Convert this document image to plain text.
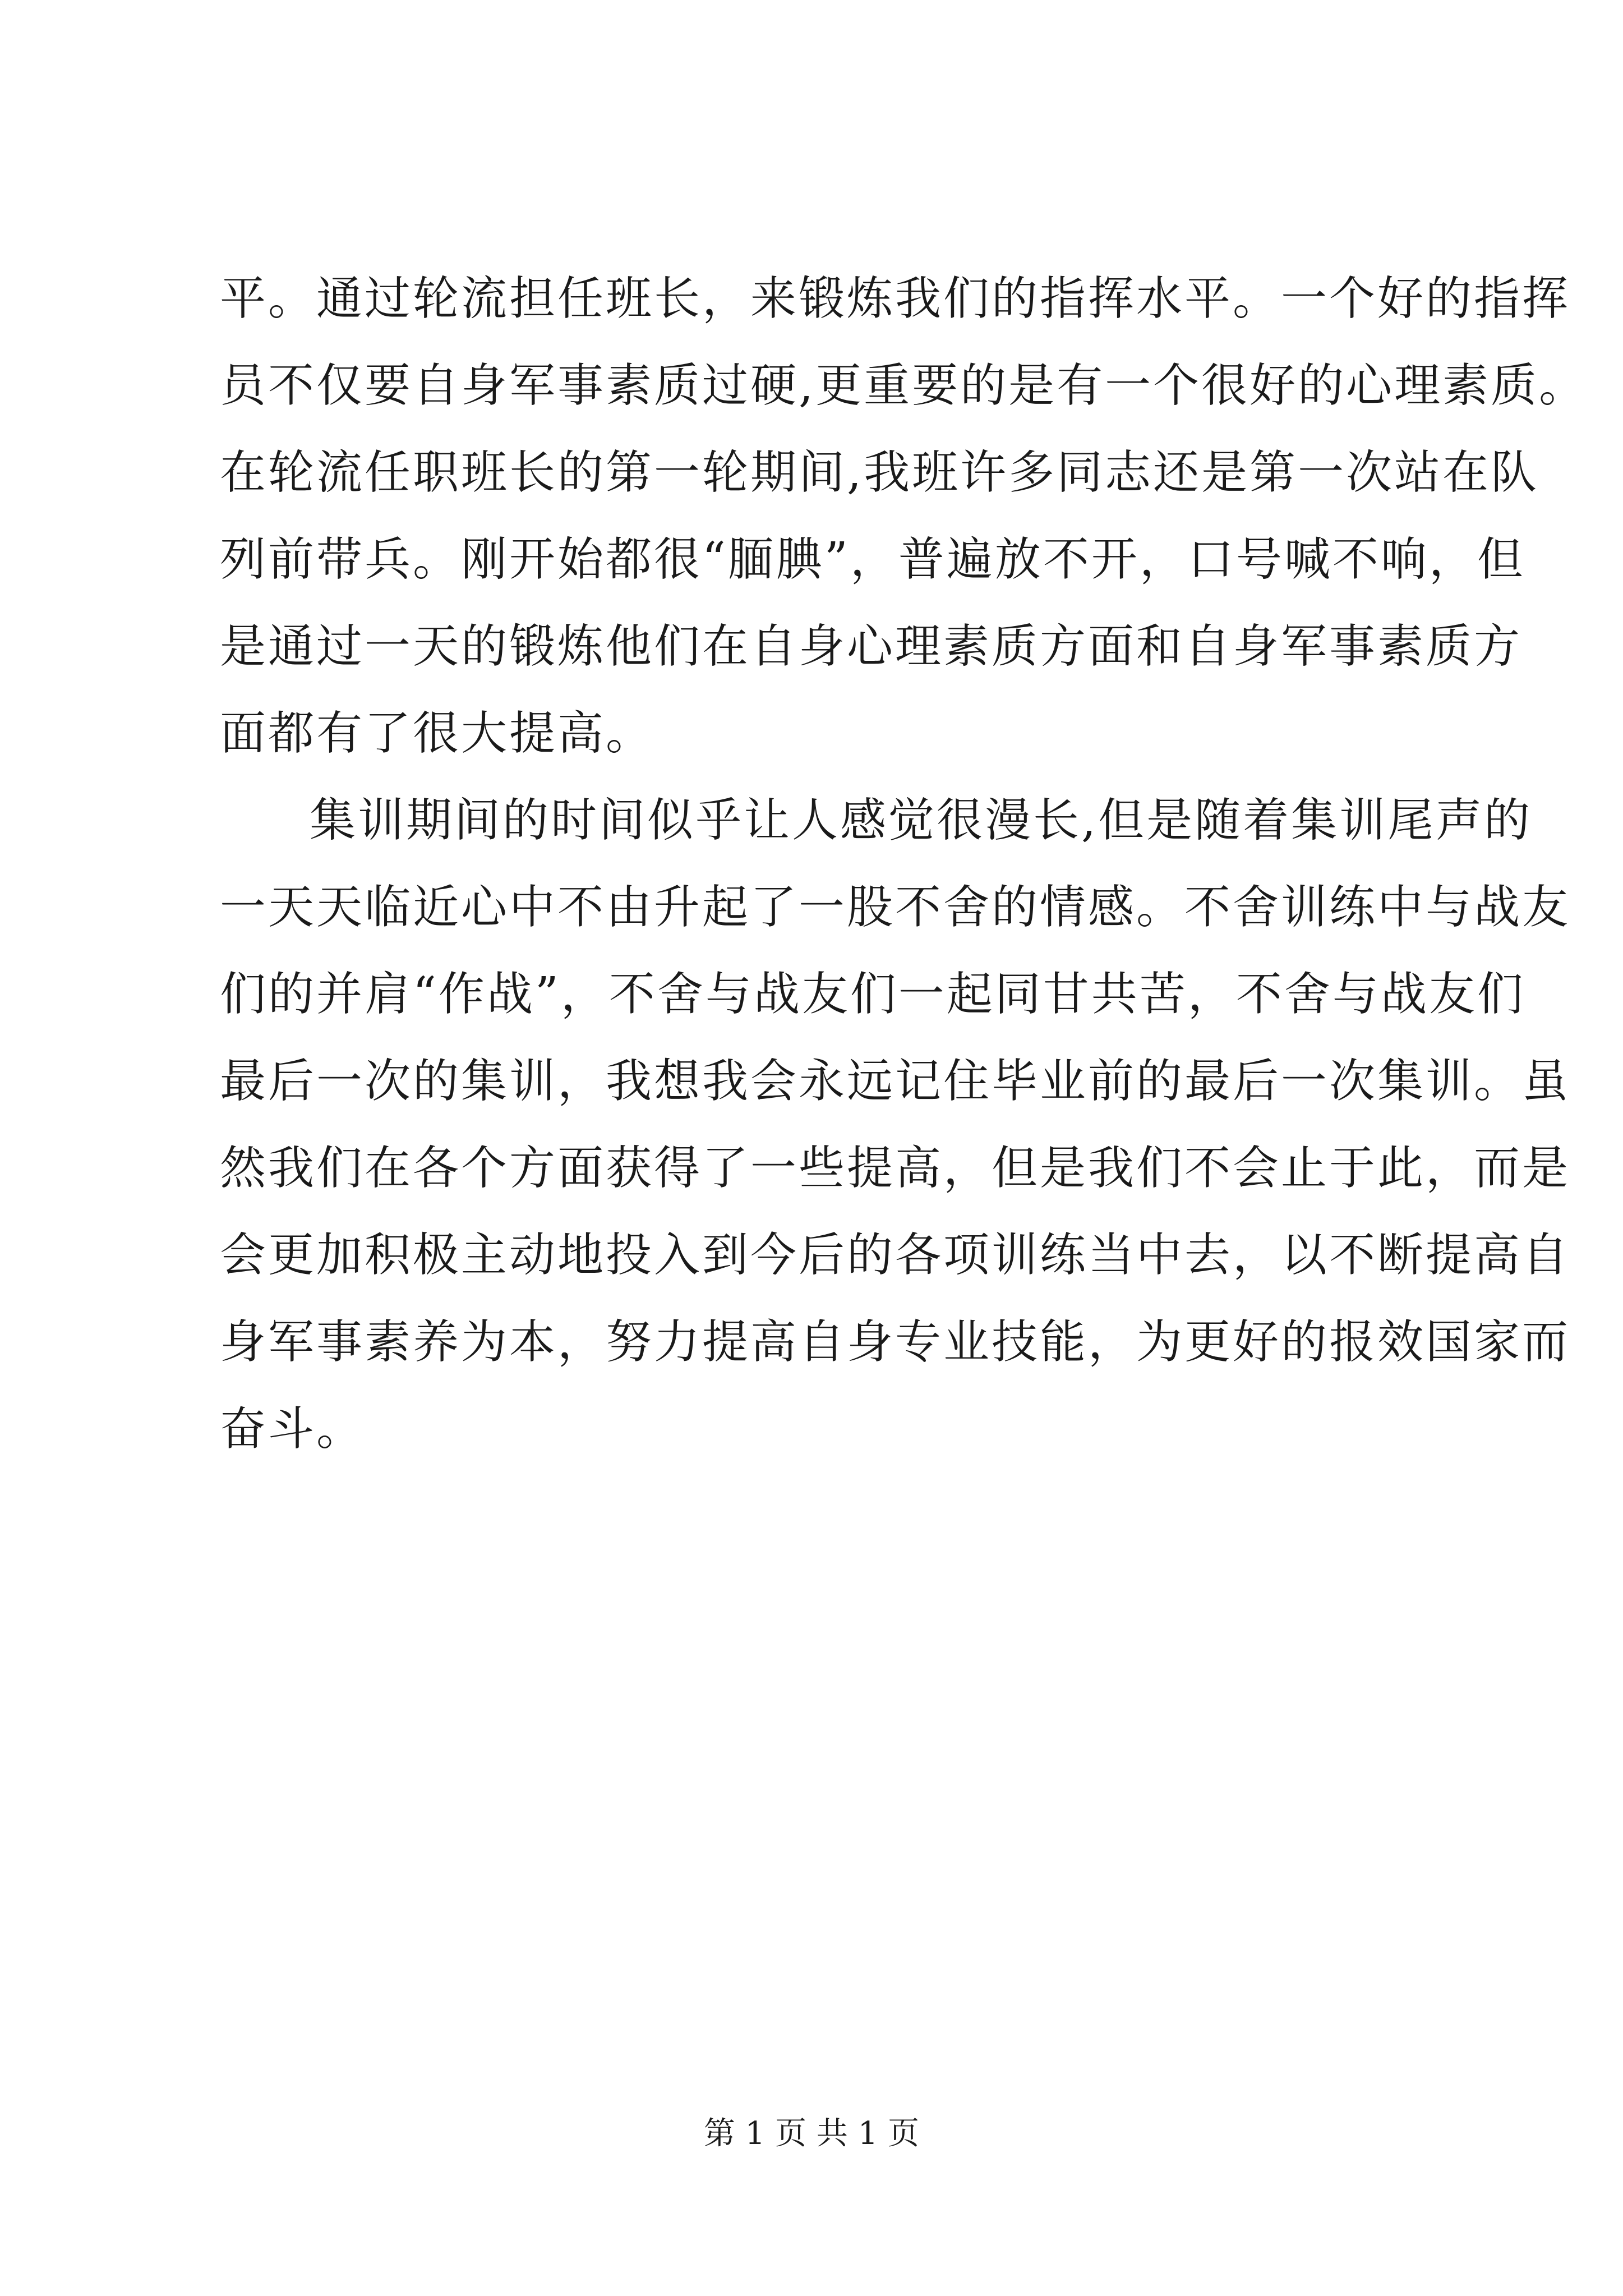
平。通过轮流担任班长，来锻炼我们的指挥水平。一个好的指挥
员不仅要自身军事素质过硬,更重要的是有一个很好的心理素质。
在轮流任职班长的第一轮期间,我班许多同志还是第一次站在队
列前带兵。刚开始都很“腼腆”，普遍放不开，口号喊不响，但
是通过一天的锻炼他们在自身心理素质方面和自身军事素质方
面都有了很大提高。
集训期间的时间似乎让人感觉很漫长,但是随着集训尾声的
一天天临近心中不由升起了一股不舍的情感。不舍训练中与战友
们的并肩“作战”，不舍与战友们一起同甘共苦，不舍与战友们
最后一次的集训，我想我会永远记住毕业前的最后一次集训。虽
然我们在各个方面获得了一些提高，但是我们不会止于此，而是
会更加积极主动地投入到今后的各项训练当中去，以不断提高自
身军事素养为本，努力提高自身专业技能，为更好的报效国家而
奋斗。
第 1 页 共 1 页
